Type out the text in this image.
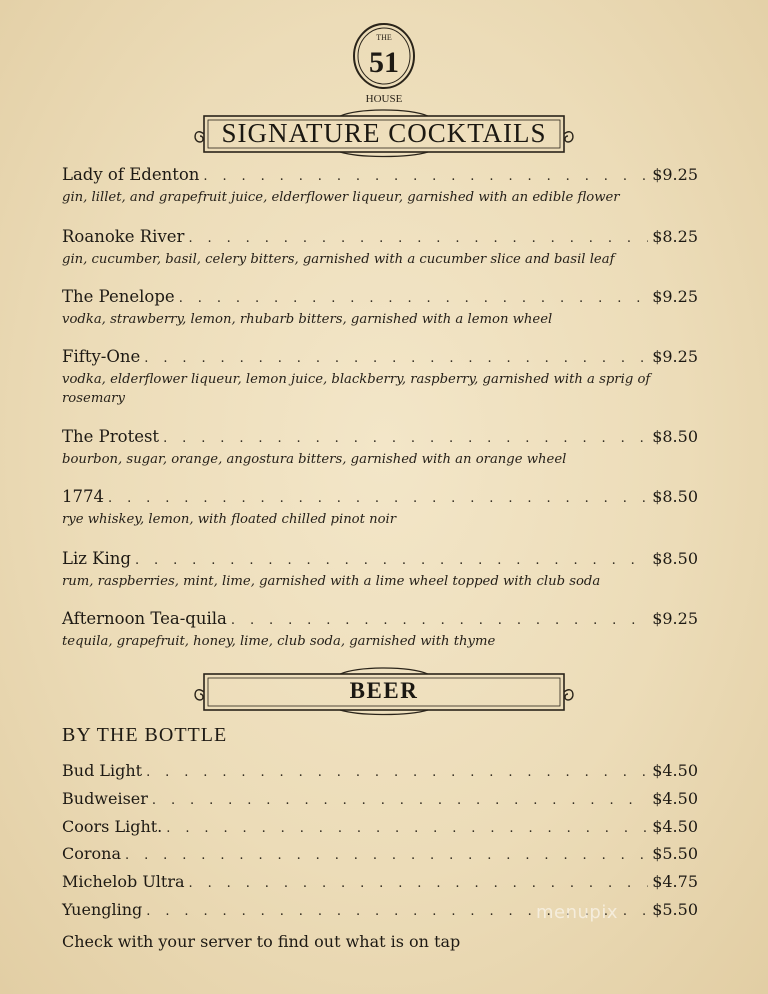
THE
51
HOUSE
SIGNATURE COCKTAILS
Lady of Edenton . . .	$9.25
gin, lillet, and grapefruit juice, elderflower liqueur, garnished with an edible flower
Roanoke River . . .	$8.25
gin, cucumber, basil, celery bitters, garnished with a cucumber slice and basil leaf
The Penelope . . .	$9.25
vodka, strawberry, lemon, rhubarb bitters, garnished with a lemon wheel
Fifty-One . . .	$9.25
vodka, elderflower liqueur, lemon juice, blackberry, raspberry, garnished with a sprig of rosemary
The Protest . . .	$8.50
bourbon, sugar, orange, angostura bitters, garnished with an orange wheel
1774 . . .	$8.50
rye whiskey, lemon, with floated chilled pinot noir
Liz King . . .	$8.50
rum, raspberries, mint, lime, garnished with a lime wheel topped with club soda
Afternoon Tea-quila . . .	$9.25
tequila, grapefruit, honey, lime, club soda, garnished with thyme
BEER
BY THE BOTTLE
Bud Light . . .	$4.50
Budweiser . . .	$4.50
Coors Light. . . .	$4.50
Corona . . .	$5.50
Michelob Ultra . . .	$4.75
Yuengling . . .	$5.50
menupix
Check with your server to find out what is on tap
